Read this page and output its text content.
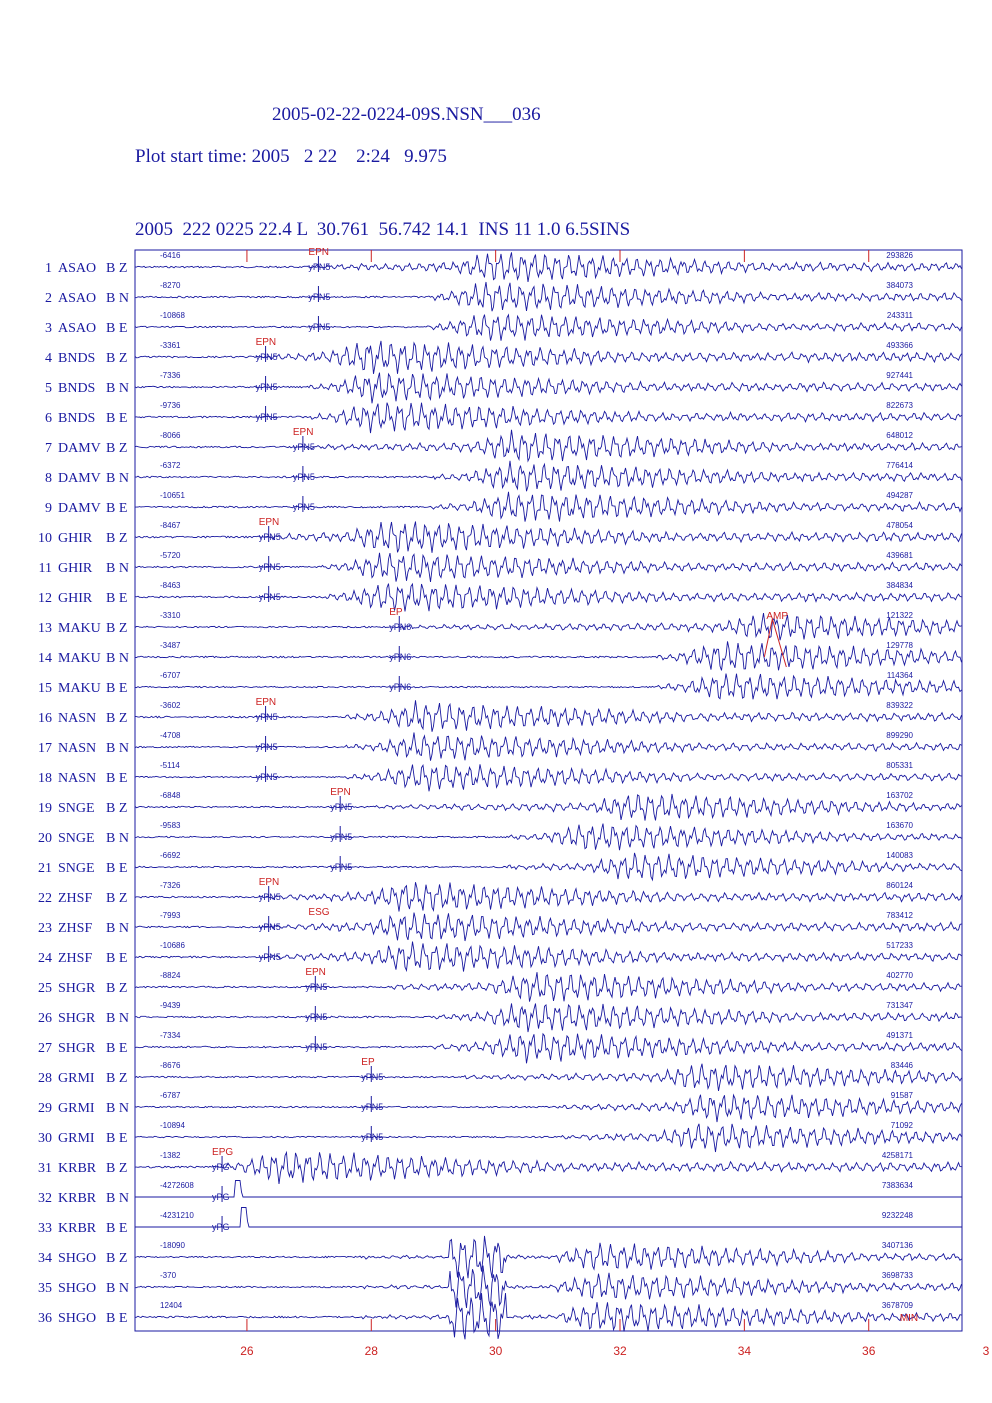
2005-02-22-0224-09S.NSN___036
Plot start time: 2005   2 22    2:24   9.975
2005  222 0225 22.4 L  30.761  56.742 14.1  INS 11 1.0 6.5SINS
26	28	30	32	34	36	3
1 ASAO B Z
-6416	293826
yPN5
EPN
2 ASAO B N
-8270	384073
yPN5
3 ASAO B E
-10868	243311
yPN5
4 BNDS B Z
-3361	493366
yPN5
EPN
5 BNDS B N
-7336	927441
yPN5
6 BNDS B E
-9736	822673
yPN5
7 DAMV B Z
-8066	648012
yPN5
EPN
8 DAMV B N
-6372	776414
yPN5
9 DAMV B E
-10651	494287
yPN5
10 GHIR B Z
-8467	478054
yPN5
EPN
11 GHIR B N
-5720	439681
yPN5
12 GHIR B E
-8463	384834
yPN5
13 MAKU B Z
-3310	121322
yPN6
EP
14 MAKU B N
-3487	129778
yPN6
15 MAKU B E
-6707	114364
yPN6
16 NASN B Z
-3602	839322
yPN5
EPN
17 NASN B N
-4708	899290
yPN5
18 NASN B E
-5114	805331
yPN5
19 SNGE B Z
-6848	163702
yPN5
EPN
20 SNGE B N
-9583	163670
yPN5
21 SNGE B E
-6692	140083
yPN5
22 ZHSF B Z
-7326	860124
yPN5
EPN
23 ZHSF B N
-7993	783412
yPN5
ESG
24 ZHSF B E
-10686	517233
yPN5
25 SHGR B Z
-8824	402770
yPN5
EPN
26 SHGR B N
-9439	731347
yPN5
27 SHGR B E
-7334	491371
yPN5
28 GRMI B Z
-8676	83446
yPN5
EP
29 GRMI B N
-6787	91587
yPN5
30 GRMI B E
-10894	71092
yPN5
31 KRBR B Z
-1382	4258171
yPG
EPG
32 KRBR B N
-4272608	7383634
yPG
33 KRBR B E
-4231210	9232248
yPG
34 SHGO B Z
-18090	3407136
35 SHGO B N
-370	3698733
36 SHGO B E
12404	3678709
MIN
AMP
